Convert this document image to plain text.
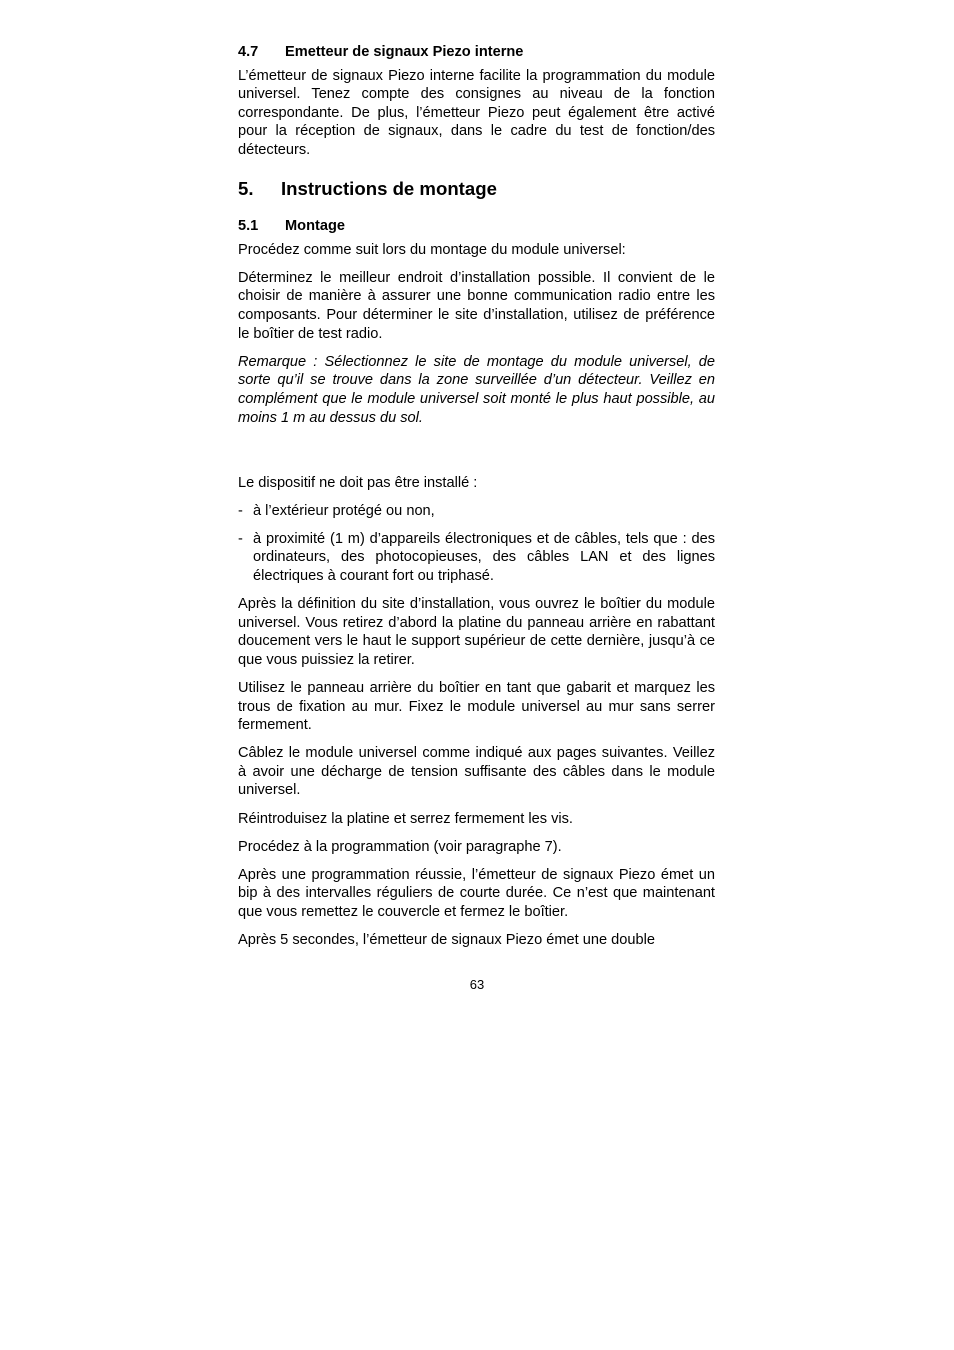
4.7	Emetteur de signaux Piezo interne

L’émetteur de signaux Piezo interne facilite la programmation du module universel. Tenez compte des consignes au niveau de la fonction correspondante. De plus, l’émetteur Piezo peut également être activé pour la réception de signaux, dans le cadre du test de fonction/des détecteurs.

5.	Instructions de montage
5.1	Montage

Procédez comme suit lors du montage du module universel:

Déterminez le meilleur endroit d’installation possible. Il convient de le choisir de manière à assurer une bonne communication radio entre les composants. Pour déterminer le site d’installation, utilisez de préférence le boîtier de test radio.

Remarque : Sélectionnez le site de montage du module universel, de sorte qu’il se trouve dans la zone surveillée d’un détecteur. Veillez en complément que le module universel soit monté le plus haut possible, au moins 1 m au dessus du sol.

Le dispositif ne doit pas être installé :

- à l’extérieur protégé ou non,
- à proximité (1 m) d’appareils électroniques et de câbles, tels que : des ordinateurs, des photocopieuses, des câbles LAN et des lignes électriques à courant fort ou triphasé.

Après la définition du site d’installation, vous ouvrez le boîtier du module universel. Vous retirez d’abord la platine du panneau arrière en rabattant doucement vers le haut le support supérieur de cette dernière, jusqu’à ce que vous puissiez la retirer.

Utilisez le panneau arrière du boîtier en tant que gabarit et marquez les trous de fixation au mur. Fixez le module universel au mur sans serrer fermement.

Câblez le module universel comme indiqué aux pages suivantes. Veillez à avoir une décharge de tension suffisante des câbles dans le module universel.

Réintroduisez la platine et serrez fermement les vis.

Procédez à la programmation (voir paragraphe 7).

Après une programmation réussie, l’émetteur de signaux Piezo émet un bip à des intervalles réguliers de courte durée. Ce n’est que maintenant que vous remettez le couvercle et fermez le boîtier.

Après 5 secondes, l’émetteur de signaux Piezo émet une double

63
